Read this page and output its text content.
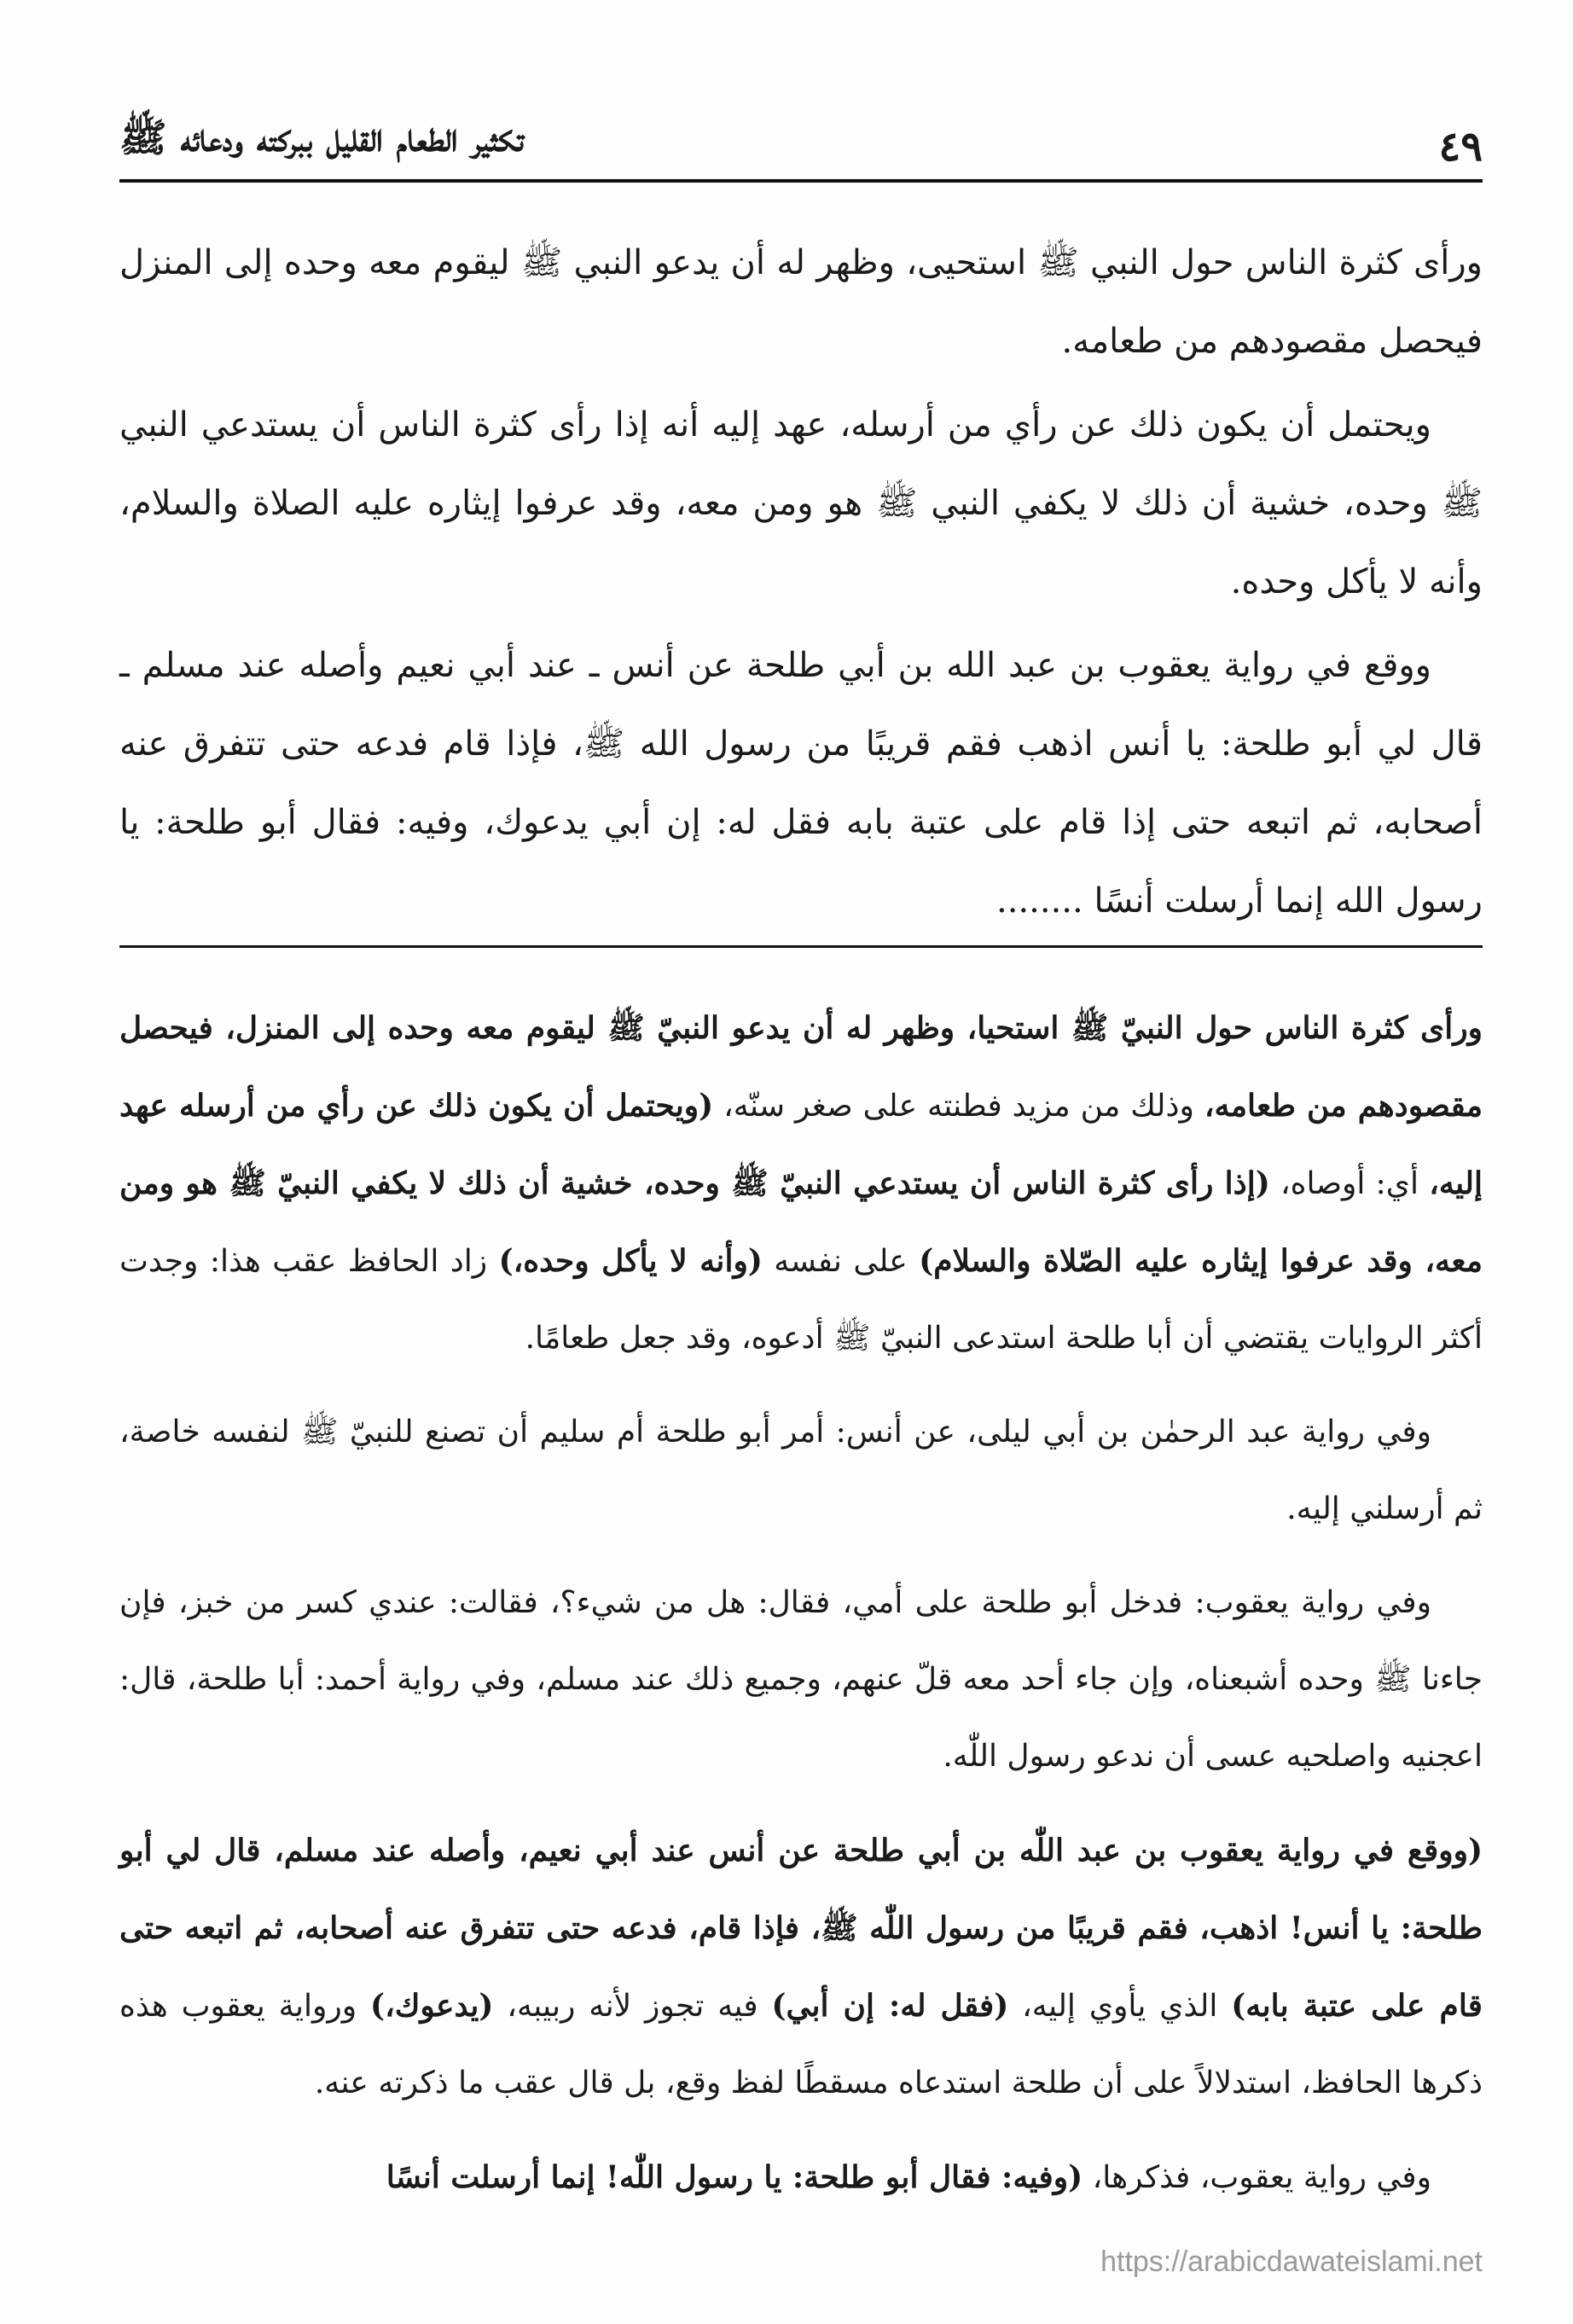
تكثير الطعام القليل ببركته ودعائه ﷺ	٤٩

ورأى كثرة الناس حول النبي ﷺ استحيى، وظهر له أن يدعو النبي ﷺ ليقوم معه وحده إلى المنزل فيحصل مقصودهم من طعامه.

ويحتمل أن يكون ذلك عن رأي من أرسله، عهد إليه أنه إذا رأى كثرة الناس أن يستدعي النبي ﷺ وحده، خشية أن ذلك لا يكفي النبي ﷺ هو ومن معه، وقد عرفوا إيثاره عليه الصلاة والسلام، وأنه لا يأكل وحده.

ووقع في رواية يعقوب بن عبد الله بن أبي طلحة عن أنس ـ عند أبي نعيم وأصله عند مسلم ـ قال لي أبو طلحة: يا أنس اذهب فقم قريبًا من رسول الله ﷺ، فإذا قام فدعه حتى تتفرق عنه أصحابه، ثم اتبعه حتى إذا قام على عتبة بابه فقل له: إن أبي يدعوك، وفيه: فقال أبو طلحة: يا رسول الله إنما أرسلت أنسًا ........

ورأى كثرة الناس حول النبيّ ﷺ استحيا، وظهر له أن يدعو النبيّ ﷺ ليقوم معه وحده إلى المنزل، فيحصل مقصودهم من طعامه، وذلك من مزيد فطنته على صغر سنّه، (ويحتمل أن يكون ذلك عن رأي من أرسله عهد إليه، أي: أوصاه، (إذا رأى كثرة الناس أن يستدعي النبيّ ﷺ وحده، خشية أن ذلك لا يكفي النبيّ ﷺ هو ومن معه، وقد عرفوا إيثاره عليه الصّلاة والسلام) على نفسه (وأنه لا يأكل وحده،) زاد الحافظ عقب هذا: وجدت أكثر الروايات يقتضي أن أبا طلحة استدعى النبيّ ﷺ أدعوه، وقد جعل طعامًا.

وفي رواية عبد الرحمٰن بن أبي ليلى، عن أنس: أمر أبو طلحة أم سليم أن تصنع للنبيّ ﷺ لنفسه خاصة، ثم أرسلني إليه.

وفي رواية يعقوب: فدخل أبو طلحة على أمي، فقال: هل من شيء؟، فقالت: عندي كسر من خبز، فإن جاءنا ﷺ وحده أشبعناه، وإن جاء أحد معه قلّ عنهم، وجميع ذلك عند مسلم، وفي رواية أحمد: أبا طلحة، قال: اعجنيه واصلحيه عسى أن ندعو رسول اللّٰه.

(ووقع في رواية يعقوب بن عبد اللّٰه بن أبي طلحة عن أنس عند أبي نعيم، وأصله عند مسلم، قال لي أبو طلحة: يا أنس! اذهب، فقم قريبًا من رسول اللّٰه ﷺ، فإذا قام، فدعه حتى تتفرق عنه أصحابه، ثم اتبعه حتى قام على عتبة بابه) الذي يأوي إليه، (فقل له: إن أبي) فيه تجوز لأنه ربيبه، (يدعوك،) ورواية يعقوب هذه ذكرها الحافظ، استدلالاً على أن طلحة استدعاه مسقطًا لفظ وقع، بل قال عقب ما ذكرته عنه.

وفي رواية يعقوب، فذكرها، (وفيه: فقال أبو طلحة: يا رسول اللّٰه! إنما أرسلت أنسًا

https://arabicdawateislami.net
